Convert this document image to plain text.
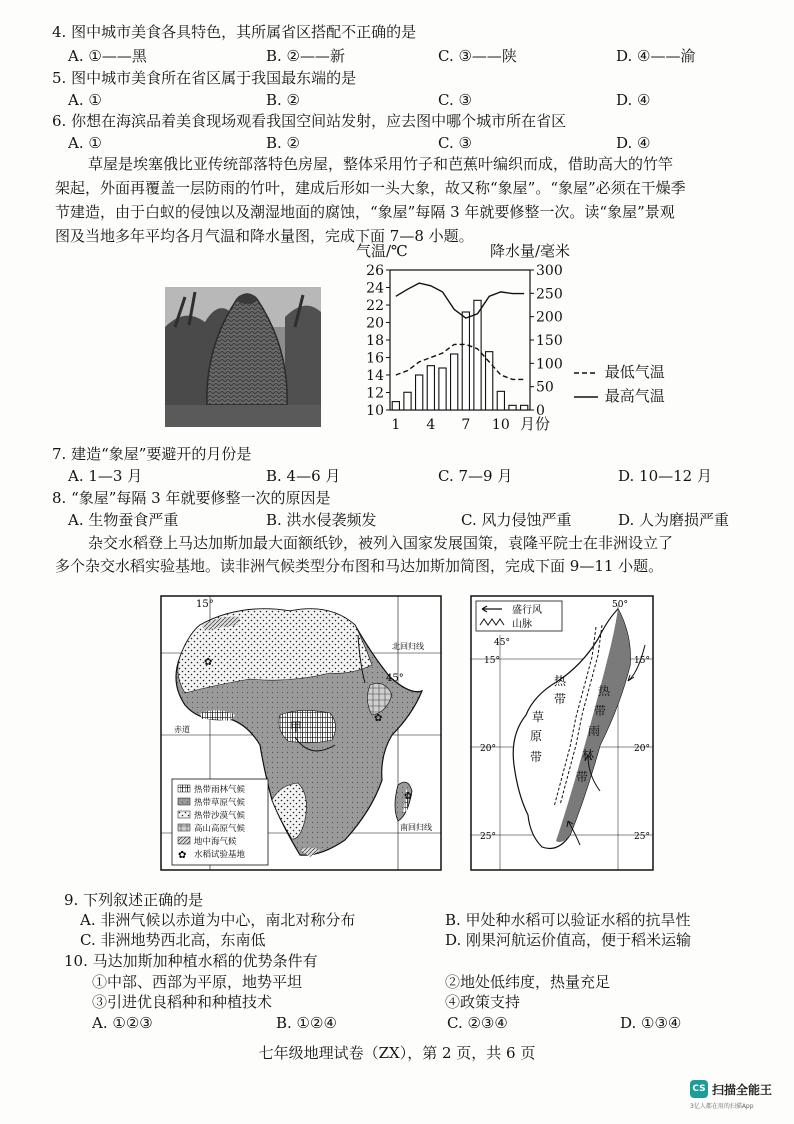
4. 图中城市美食各具特色，其所属省区搭配不正确的是
A. ①——黑	B. ②——新	C. ③——陕	D. ④——渝
5. 图中城市美食所在省区属于我国最东端的是
A. ①	B. ②	C. ③	D. ④
6. 你想在海滨品着美食现场观看我国空间站发射，应去图中哪个城市所在省区
A. ①	B. ②	C. ③	D. ④
草屋是埃塞俄比亚传统部落特色房屋，整体采用竹子和芭蕉叶编织而成，借助高大的竹竿
架起，外面再覆盖一层防雨的竹叶，建成后形如一头大象，故又称“象屋”。“象屋”必须在干燥季
节建造，由于白蚁的侵蚀以及潮湿地面的腐蚀，“象屋”每隔 3 年就要修整一次。读“象屋”景观
图及当地多年平均各月气温和降水量图，完成下面 7—8 小题。
气温/℃	降水量/毫米
26
24
22
20
18
16
14
12
10
300
250
200
150
100
50
0
1 4 7 10 月份
最低气温
最高气温
7. 建造“象屋”要避开的月份是
A. 1—3 月	B. 4—6 月	C. 7—9 月	D. 10—12 月
8. “象屋”每隔 3 年就要修整一次的原因是
A. 生物蚕食严重	B. 洪水侵袭频发	C. 风力侵蚀严重	D. 人为磨损严重
杂交水稻登上马达加斯加最大面额纸钞，被列入国家发展国策，袁隆平院士在非洲设立了
多个杂交水稻实验基地。读非洲气候类型分布图和马达加斯加简图，完成下面 9—11 小题。
✿
✿
✿
15°
45°
北回归线
赤道
南回归线
甲
✿
热带雨林气候
热带草原气候
热带沙漠气候
高山高原气候
地中海气候
水稻试验基地
盛行风
山脉
50°
45°
15°	15°
20°	20°
25°	25°
热
带
草
原
带
热
带
雨
林
带
9. 下列叙述正确的是
A. 非洲气候以赤道为中心，南北对称分布	B. 甲处种水稻可以验证水稻的抗旱性
C. 非洲地势西北高，东南低	D. 刚果河航运价值高，便于稻米运输
10. 马达加斯加种植水稻的优势条件有
①中部、西部为平原，地势平坦	②地处低纬度，热量充足
③引进优良稻种和种植技术	④政策支持
A. ①②③	B. ①②④	C. ②③④	D. ①③④
七年级地理试卷（ZX），第 2 页，共 6 页
CS 扫描全能王
3亿人都在用的扫描App
